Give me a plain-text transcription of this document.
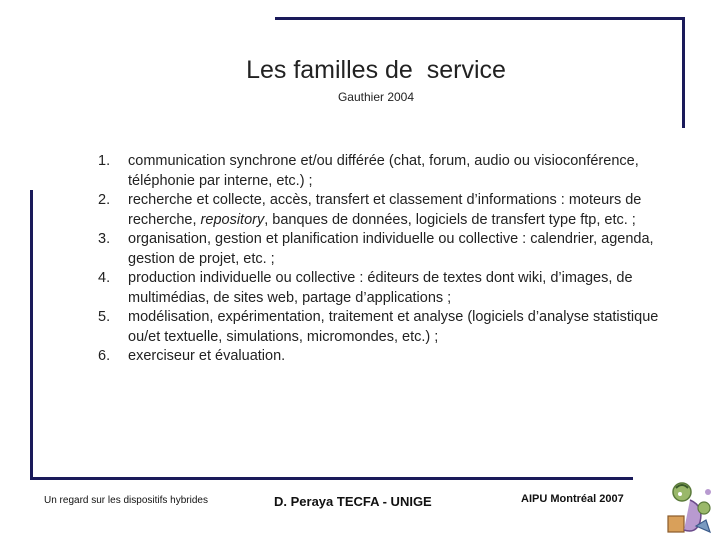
Les familles de  service
Gauthier 2004
1. communication synchrone et/ou différée (chat, forum, audio ou visioconférence, téléphonie par interne, etc.) ;
2. recherche et collecte, accès, transfert et classement d’informations : moteurs de recherche, repository, banques de données, logiciels de transfert type ftp, etc. ;
3. organisation, gestion et planification individuelle ou collective : calendrier, agenda, gestion de projet, etc. ;
4. production individuelle ou collective : éditeurs de textes dont wiki, d’images, de multimédias, de sites web, partage d’applications ;
5. modélisation, expérimentation, traitement et analyse (logiciels d’analyse statistique ou/et textuelle, simulations, micromondes, etc.) ;
6. exerciseur et évaluation.
Un regard sur les dispositifs hybrides	D. Peraya TECFA - UNIGE	AIPU Montréal 2007
